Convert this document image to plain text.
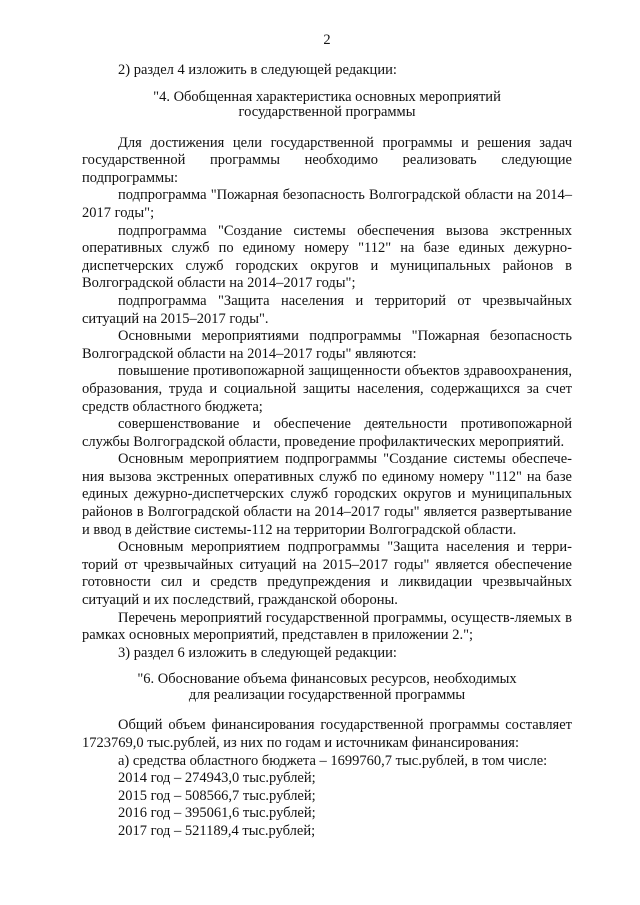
2

2) раздел 4 изложить в следующей редакции:

"4. Обобщенная характеристика основных мероприятий
государственной программы

Для достижения цели государственной программы и решения задач государственной программы необходимо реализовать следующие подпрограммы:

подпрограмма "Пожарная безопасность Волгоградской области на 2014–2017 годы";

подпрограмма "Создание системы обеспечения вызова экстренных оперативных служб по единому номеру "112" на базе единых дежурно-диспетчерских служб городских округов и муниципальных районов в Волгоградской области на 2014–2017 годы";

подпрограмма "Защита населения и территорий от чрезвычайных ситуаций на 2015–2017 годы".

Основными мероприятиями подпрограммы "Пожарная безопасность Волгоградской области на 2014–2017 годы" являются:

повышение противопожарной защищенности объектов здравоохранения, образования, труда и социальной защиты населения, содержащихся за счет средств областного бюджета;

совершенствование и обеспечение деятельности противопожарной службы Волгоградской области, проведение профилактических мероприятий.

Основным мероприятием подпрограммы "Создание системы обеспече-ния вызова экстренных оперативных служб по единому номеру "112" на базе единых дежурно-диспетчерских служб городских округов и муниципальных районов в Волгоградской области на 2014–2017 годы" является развертывание и ввод в действие системы-112 на территории Волгоградской области.

Основным мероприятием подпрограммы "Защита населения и терри-торий от чрезвычайных ситуаций на 2015–2017 годы" является обеспечение готовности сил и средств предупреждения и ликвидации чрезвычайных ситуаций и их последствий, гражданской обороны.

Перечень мероприятий государственной программы, осуществ-ляемых в рамках основных мероприятий, представлен в приложении 2.";

3) раздел 6 изложить в следующей редакции:

"6. Обоснование объема финансовых ресурсов, необходимых
для реализации государственной программы

Общий объем финансирования государственной программы составляет 1723769,0 тыс.рублей, из них по годам и источникам финансирования:

а) средства областного бюджета – 1699760,7 тыс.рублей, в том числе:

2014 год – 274943,0 тыс.рублей;

2015 год – 508566,7 тыс.рублей;

2016 год – 395061,6 тыс.рублей;

2017 год – 521189,4 тыс.рублей;
